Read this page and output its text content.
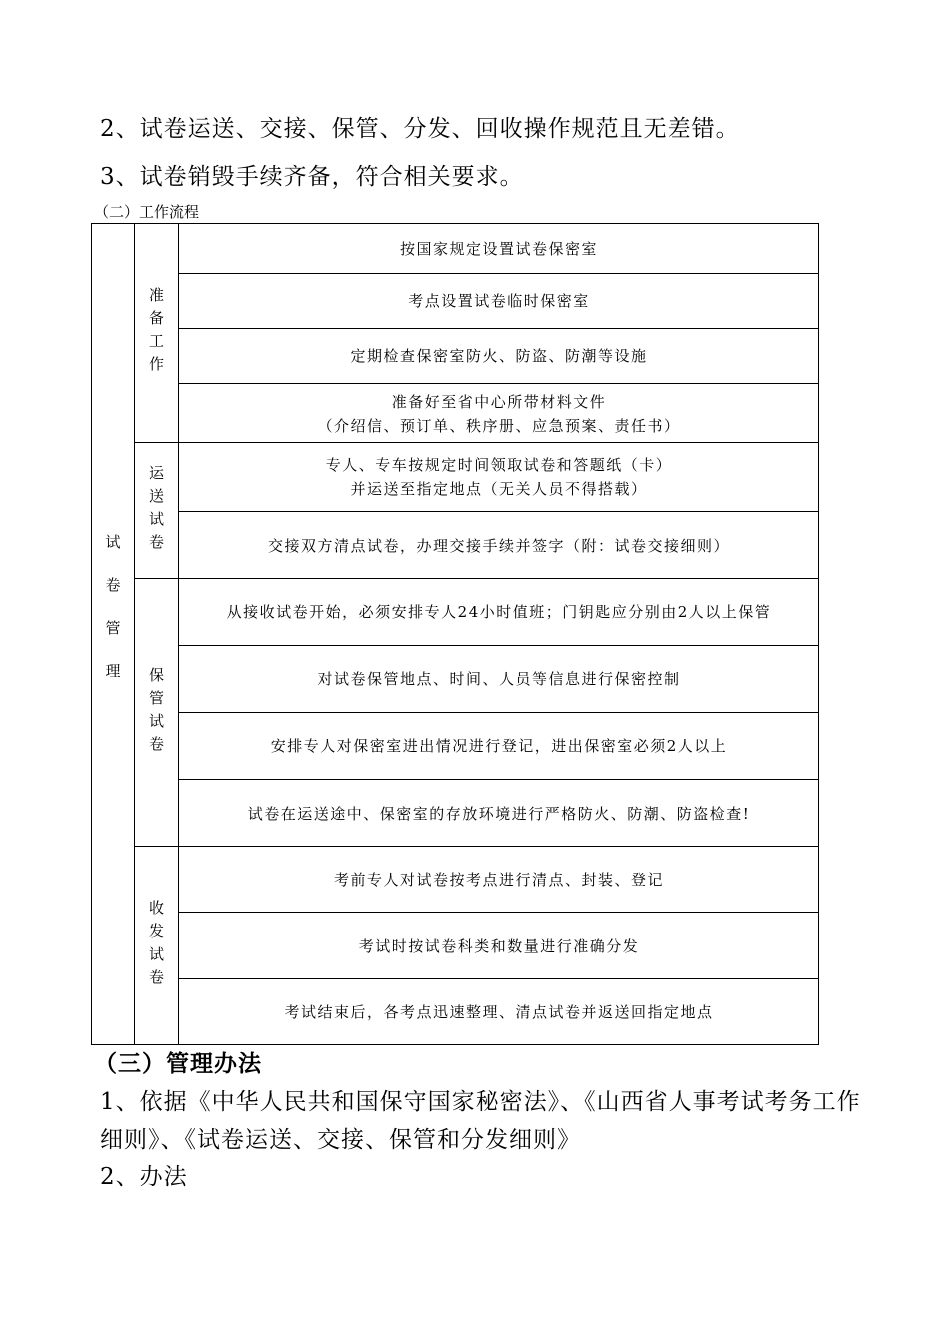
2、试卷运送、交接、保管、分发、回收操作规范且无差错。
3、试卷销毁手续齐备，符合相关要求。
（二）工作流程
试卷管理
准备工作
按国家规定设置试卷保密室
考点设置试卷临时保密室
定期检查保密室防火、防盗、防潮等设施
准备好至省中心所带材料文件
（介绍信、预订单、秩序册、应急预案、责任书）
运送试卷	专人、专车按规定时间领取试卷和答题纸（卡）
并运送至指定地点（无关人员不得搭载）
交接双方清点试卷，办理交接手续并签字（附：试卷交接细则）
保管试卷
从接收试卷开始，必须安排专人24小时值班；门钥匙应分别由2人以上保管
对试卷保管地点、时间、人员等信息进行保密控制
安排专人对保密室进出情况进行登记，进出保密室必须2人以上
试卷在运送途中、保密室的存放环境进行严格防火、防潮、防盗检查!
收发试卷
考前专人对试卷按考点进行清点、封装、登记
考试时按试卷科类和数量进行准确分发
考试结束后，各考点迅速整理、清点试卷并返送回指定地点
（三）管理办法
1、依据《中华人民共和国保守国家秘密法》、《山西省人事考试考务工作
细则》、《试卷运送、交接、保管和分发细则》
2、办法
